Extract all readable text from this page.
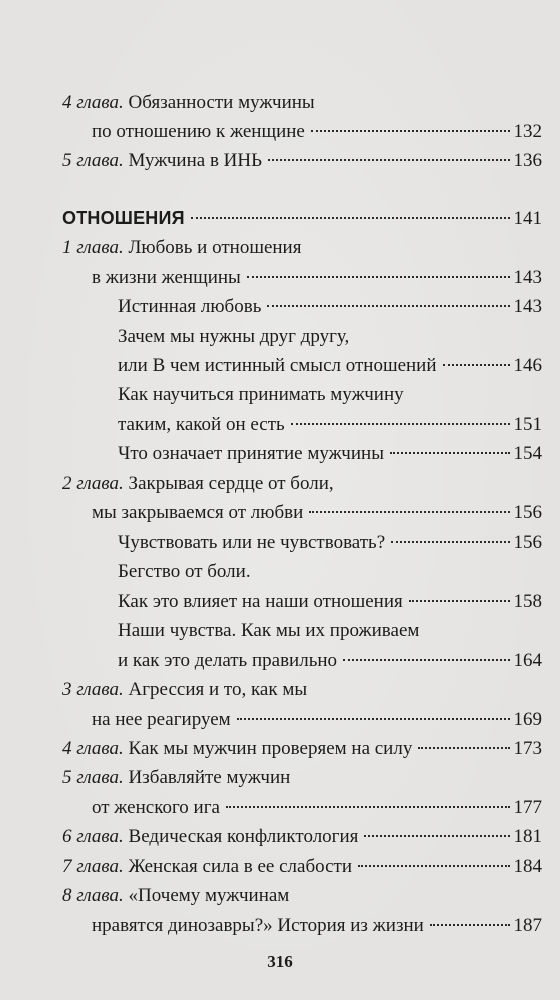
4 глава. Обязанности мужчины
по отношению к женщине	132
5 глава. Мужчина в ИНЬ	136
ОТНОШЕНИЯ	141
1 глава. Любовь и отношения
в жизни женщины	143
Истинная любовь	143
Зачем мы нужны друг другу,
или В чем истинный смысл отношений	146
Как научиться принимать мужчину
таким, какой он есть	151
Что означает принятие мужчины	154
2 глава. Закрывая сердце от боли,
мы закрываемся от любви	156
Чувствовать или не чувствовать?	156
Бегство от боли.
Как это влияет на наши отношения	158
Наши чувства. Как мы их проживаем
и как это делать правильно	164
3 глава. Агрессия и то, как мы
на нее реагируем	169
4 глава. Как мы мужчин проверяем на силу	173
5 глава. Избавляйте мужчин
от женского ига	177
6 глава. Ведическая конфликтология	181
7 глава. Женская сила в ее слабости	184
8 глава. «Почему мужчинам
нравятся динозавры?» История из жизни	187
316
